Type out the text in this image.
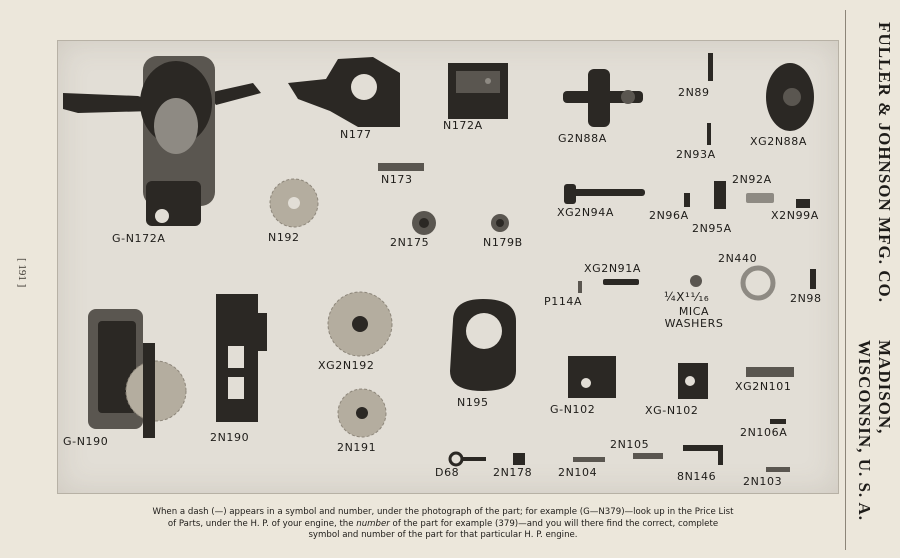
[ 191 ]
G-N172A
N177
N172A
G2N88A
2N89
XG2N88A
2N93A
N173
N192	2N175	N179B
XG2N94A
2N92A
2N96A
2N95A
X2N99A
XG2N91A
2N440
P114A	¼X¹¹⁄₁₆
MICA
WASHERS
2N98
XG2N192
G-N190	2N190
N195
G-N102	XG-N102
XG2N101
2N106A
2N191	2N105
D68	2N178 2N104	8N146 2N103
When a dash (—) appears in a symbol and number, under the photograph of the part; for example (G—N379)—look up in the Price List
of Parts, under the H. P. of your engine, the number of the part for example (379)—and you will there find the correct, complete
symbol and number of the part for that particular H. P. engine.
FULLER & JOHNSON MFG. CO.
MADISON, WISCONSIN, U. S. A.
